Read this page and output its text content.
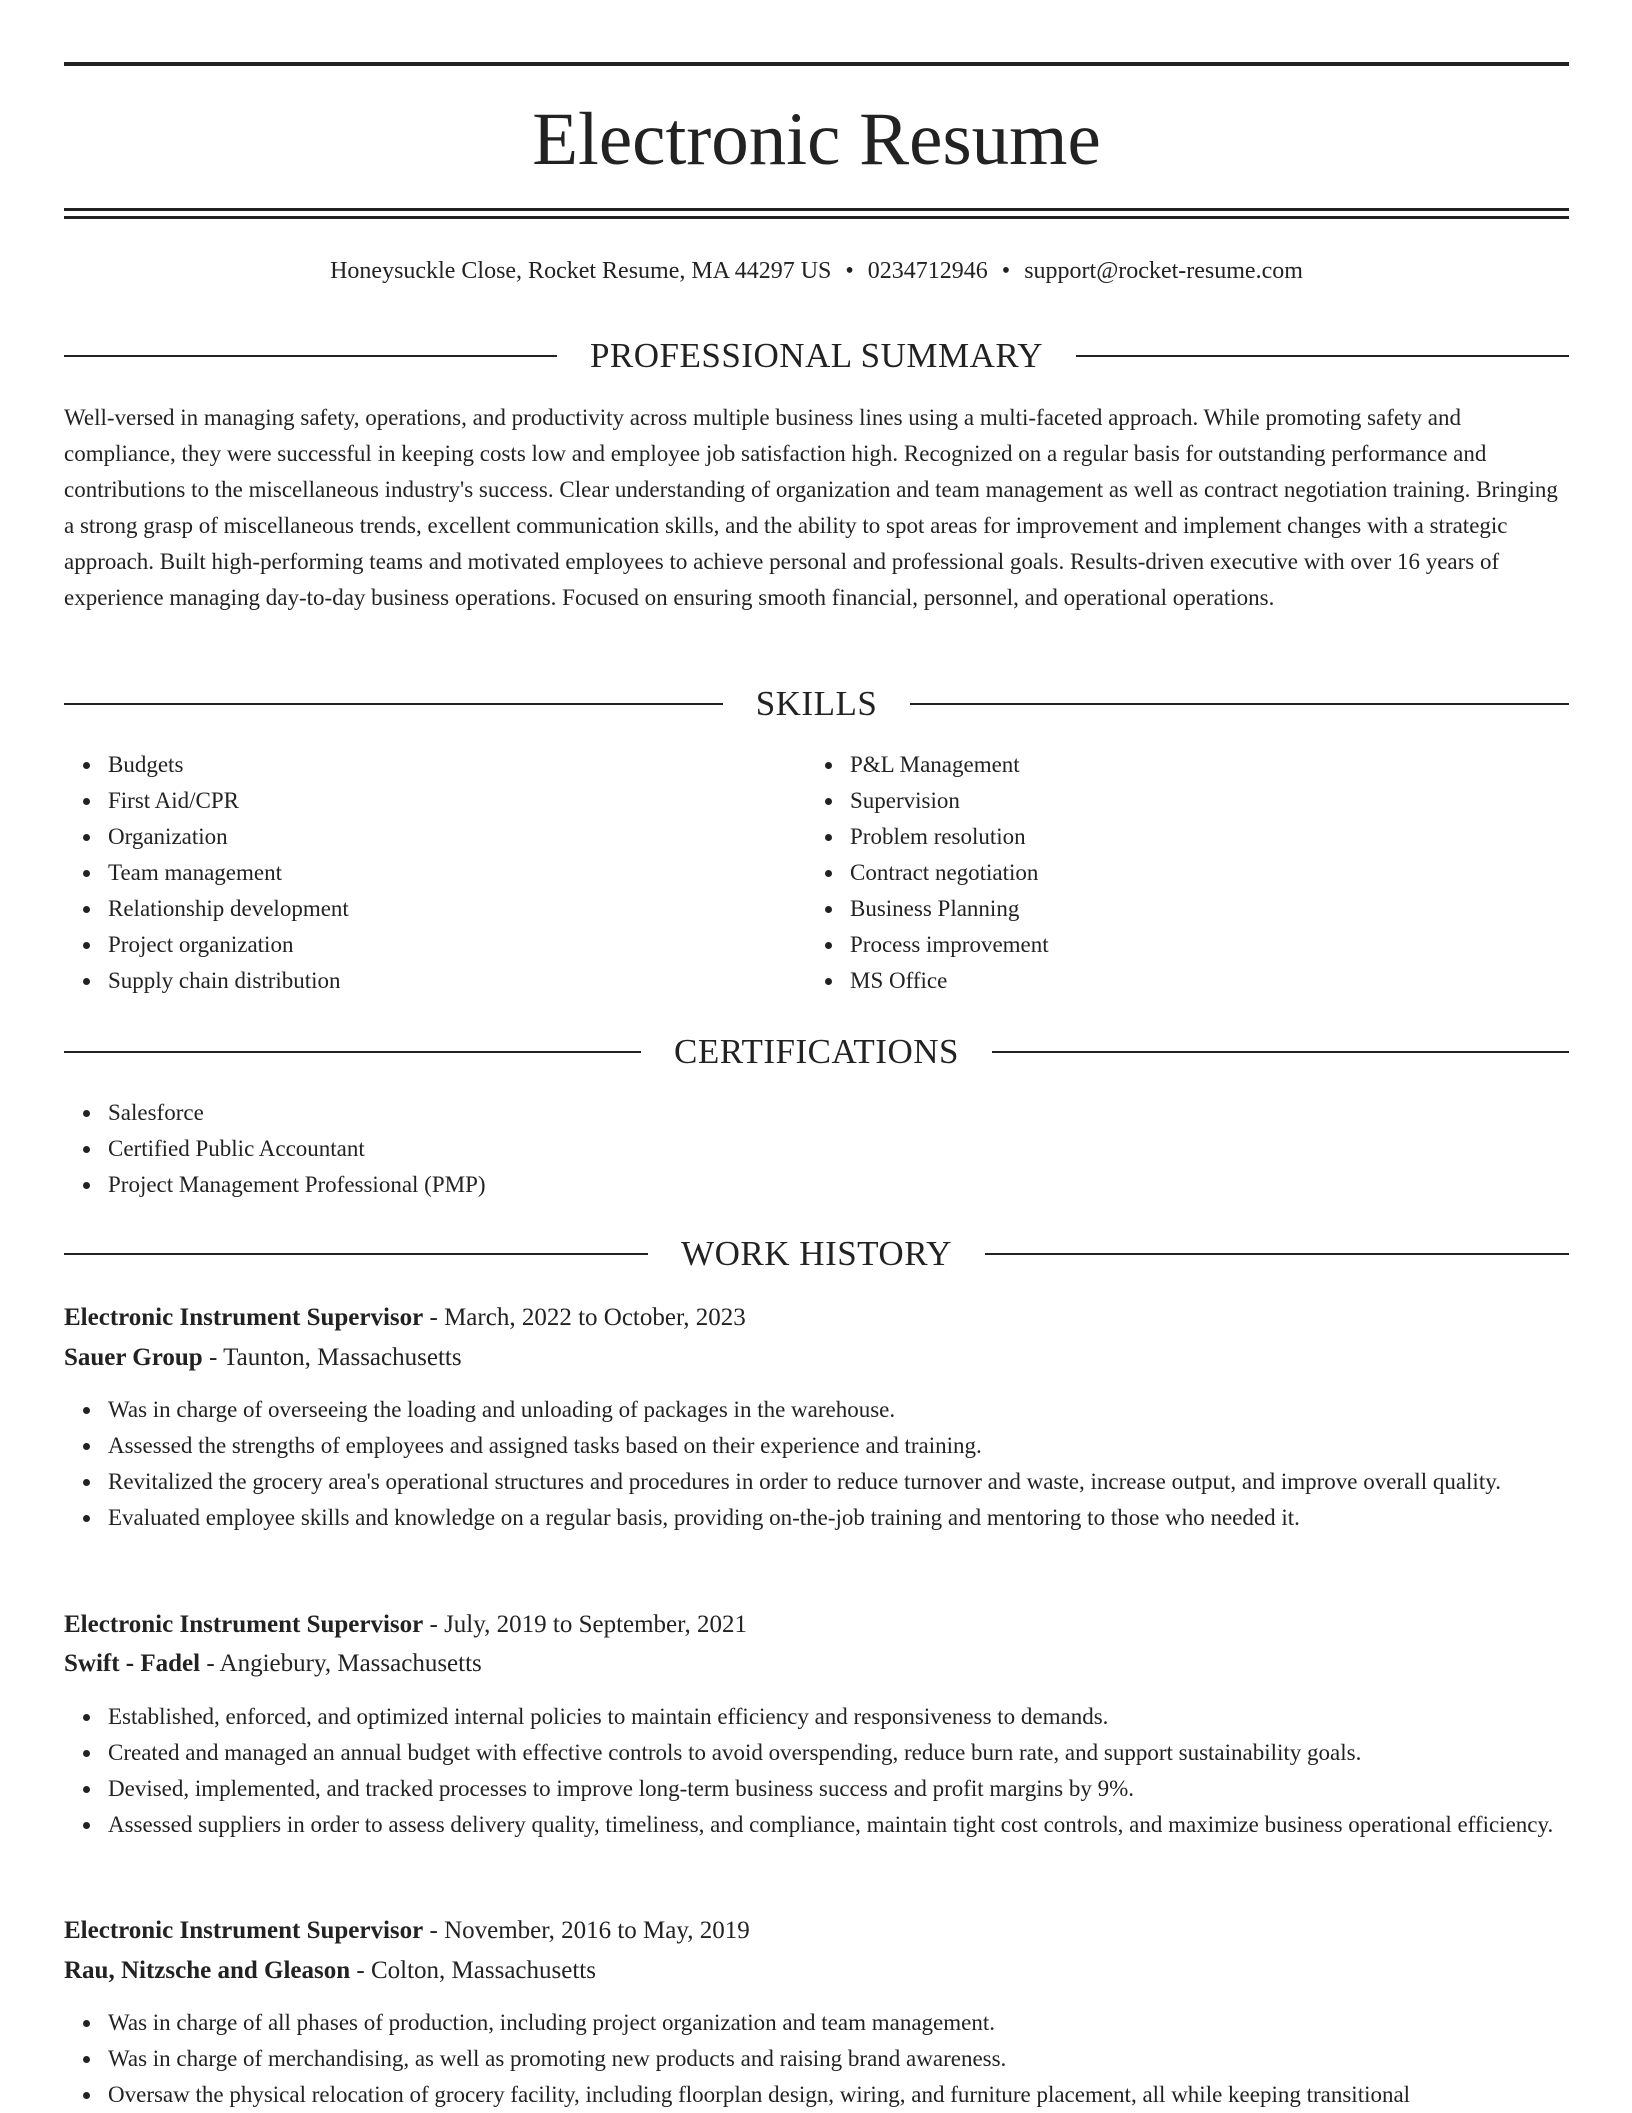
Electronic Resume
Honeysuckle Close, Rocket Resume, MA 44297 US • 0234712946 • support@rocket-resume.com
PROFESSIONAL SUMMARY

Well-versed in managing safety, operations, and productivity across multiple business lines using a multi-faceted approach. While promoting safety and compliance, they were successful in keeping costs low and employee job satisfaction high. Recognized on a regular basis for outstanding performance and contributions to the miscellaneous industry's success. Clear understanding of organization and team management as well as contract negotiation training. Bringing a strong grasp of miscellaneous trends, excellent communication skills, and the ability to spot areas for improvement and implement changes with a strategic approach. Built high-performing teams and motivated employees to achieve personal and professional goals. Results-driven executive with over 16 years of experience managing day-to-day business operations. Focused on ensuring smooth financial, personnel, and operational operations.

SKILLS
Budgets
First Aid/CPR
Organization
Team management
Relationship development
Project organization
Supply chain distribution
P&L Management
Supervision
Problem resolution
Contract negotiation
Business Planning
Process improvement
MS Office
CERTIFICATIONS
Salesforce
Certified Public Accountant
Project Management Professional (PMP)
WORK HISTORY
Electronic Instrument Supervisor - March, 2022 to October, 2023
Sauer Group - Taunton, Massachusetts
Was in charge of overseeing the loading and unloading of packages in the warehouse.
Assessed the strengths of employees and assigned tasks based on their experience and training.
Revitalized the grocery area's operational structures and procedures in order to reduce turnover and waste, increase output, and improve overall quality.
Evaluated employee skills and knowledge on a regular basis, providing on-the-job training and mentoring to those who needed it.
Electronic Instrument Supervisor - July, 2019 to September, 2021
Swift - Fadel - Angiebury, Massachusetts
Established, enforced, and optimized internal policies to maintain efficiency and responsiveness to demands.
Created and managed an annual budget with effective controls to avoid overspending, reduce burn rate, and support sustainability goals.
Devised, implemented, and tracked processes to improve long-term business success and profit margins by 9%.
Assessed suppliers in order to assess delivery quality, timeliness, and compliance, maintain tight cost controls, and maximize business operational efficiency.
Electronic Instrument Supervisor - November, 2016 to May, 2019
Rau, Nitzsche and Gleason - Colton, Massachusetts
Was in charge of all phases of production, including project organization and team management.
Was in charge of merchandising, as well as promoting new products and raising brand awareness.
Oversaw the physical relocation of grocery facility, including floorplan design, wiring, and furniture placement, all while keeping transitional
